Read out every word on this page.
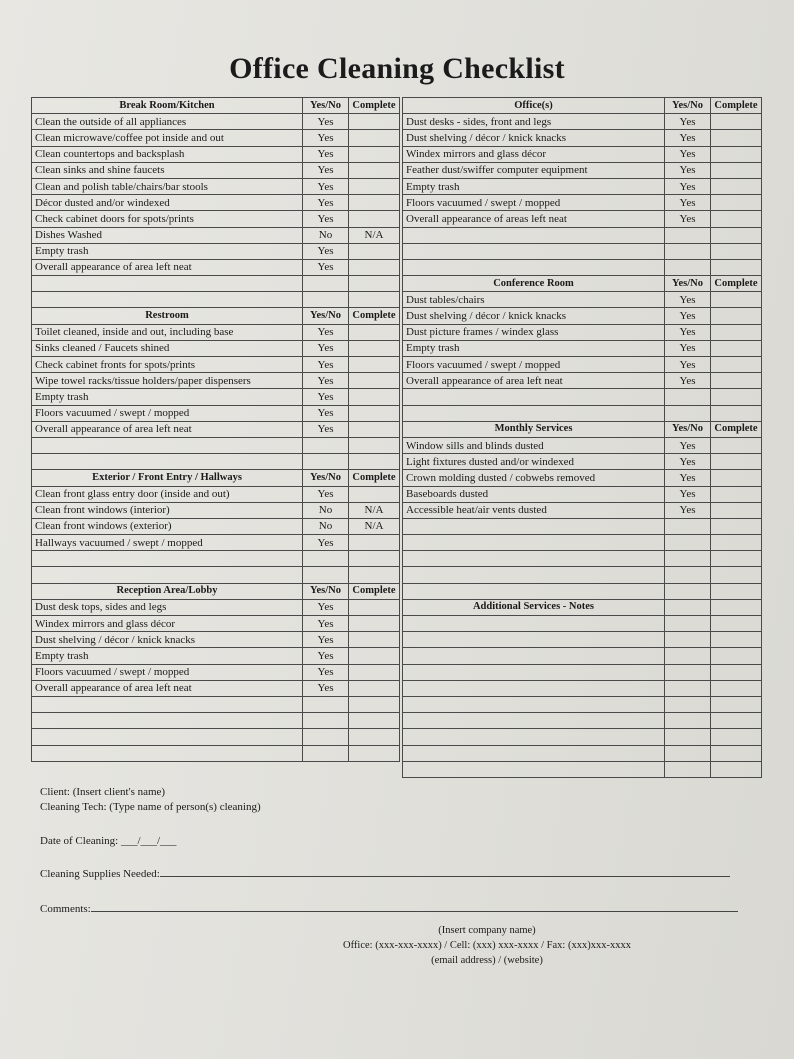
Office Cleaning Checklist
Break Room/Kitchen	Yes/No	Complete
Clean the outside of all appliances	Yes	
Clean microwave/coffee pot inside and out	Yes	
Clean countertops and backsplash	Yes	
Clean sinks and shine faucets	Yes	
Clean and polish table/chairs/bar stools	Yes	
Décor dusted and/or windexed	Yes	
Check cabinet doors for spots/prints	Yes	
Dishes Washed	No	N/A
Empty trash	Yes	
Overall appearance of area left neat	Yes	

Restroom	Yes/No	Complete
Toilet cleaned, inside and out, including base	Yes	
Sinks cleaned / Faucets shined	Yes	
Check cabinet fronts for spots/prints	Yes	
Wipe towel racks/tissue holders/paper dispensers	Yes	
Empty trash	Yes	
Floors vacuumed / swept / mopped	Yes	
Overall appearance of area left neat	Yes	

Exterior / Front Entry / Hallways	Yes/No	Complete
Clean front glass entry door (inside and out)	Yes	
Clean front windows (interior)	No	N/A
Clean front windows (exterior)	No	N/A
Hallways vacuumed / swept / mopped	Yes	

Reception Area/Lobby	Yes/No	Complete
Dust desk tops, sides and legs	Yes	
Windex mirrors and glass décor	Yes	
Dust shelving / décor / knick knacks	Yes	
Empty trash	Yes	
Floors vacuumed / swept / mopped	Yes	
Overall appearance of area left neat	Yes	

Office(s)	Yes/No	Complete
Dust desks - sides, front and legs	Yes	
Dust shelving / décor / knick knacks	Yes	
Windex mirrors and glass décor	Yes	
Feather dust/swiffer computer equipment	Yes	
Empty trash	Yes	
Floors vacuumed / swept / mopped	Yes	
Overall appearance of areas left neat	Yes	

Conference Room	Yes/No	Complete
Dust tables/chairs	Yes	
Dust shelving / décor / knick knacks	Yes	
Dust picture frames / windex glass	Yes	
Empty trash	Yes	
Floors vacuumed / swept / mopped	Yes	
Overall appearance of area left neat	Yes	

Monthly Services	Yes/No	Complete
Window sills and blinds dusted	Yes	
Light fixtures dusted and/or windexed	Yes	
Crown molding dusted / cobwebs removed	Yes	
Baseboards dusted	Yes	
Accessible heat/air vents dusted	Yes	

Additional Services - Notes		

Client: (Insert client's name)
Cleaning Tech: (Type name of person(s) cleaning)
Date of Cleaning: ___/___/___
Cleaning Supplies Needed:
Comments:
(Insert company name)
Office: (xxx-xxx-xxxx) / Cell: (xxx) xxx-xxxx / Fax: (xxx)xxx-xxxx
(email address) / (website)
